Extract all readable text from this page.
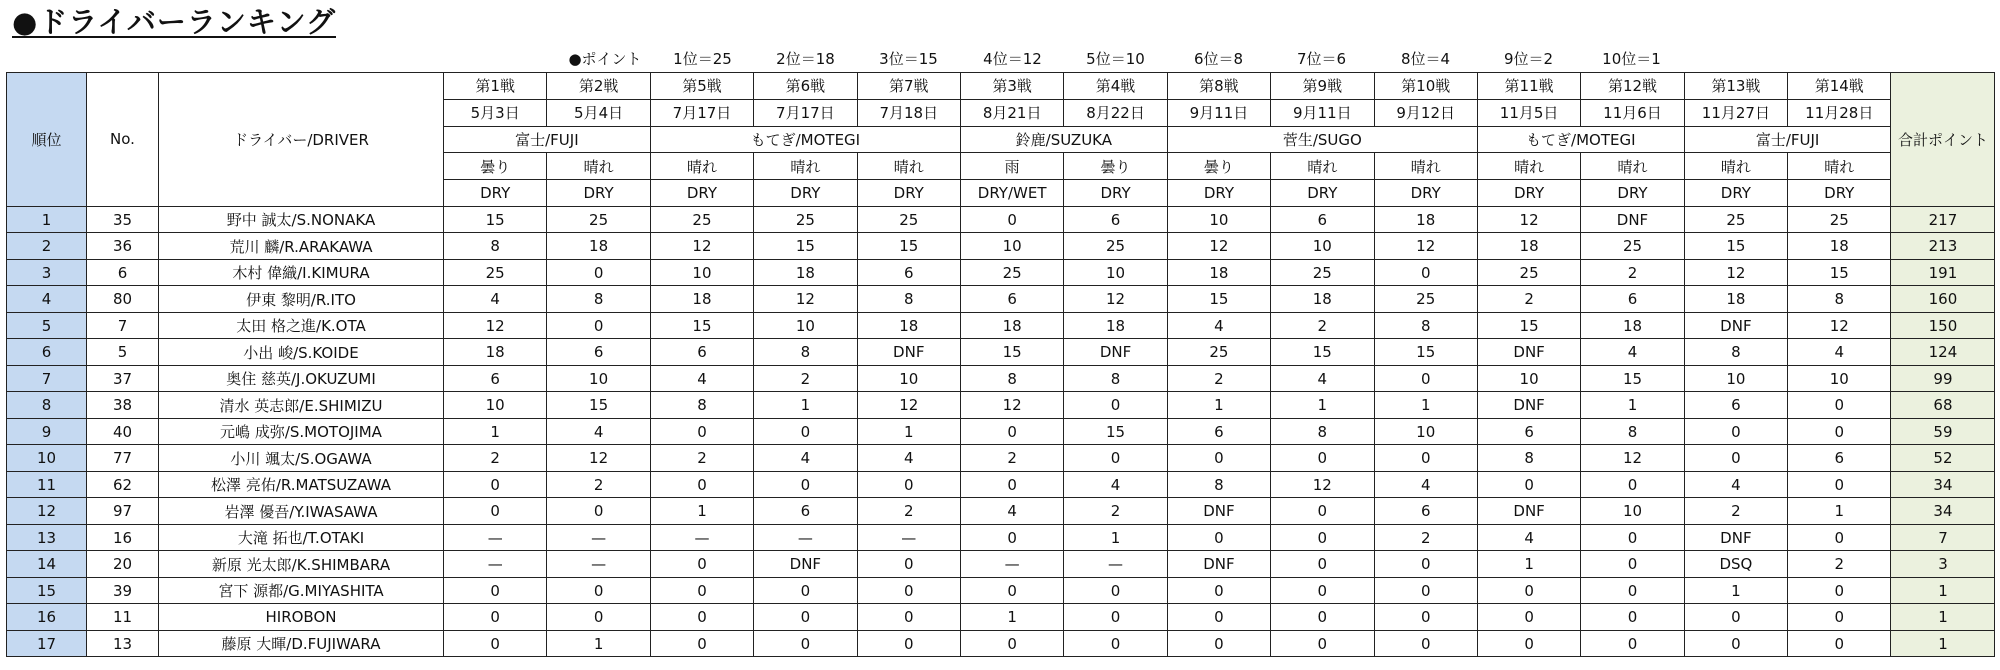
●ドライバーランキング
●ポイント	1位＝25	2位＝18	3位＝15	4位＝12	5位＝10	6位＝8	7位＝6	8位＝4	9位＝2	10位＝1
順位	No.	ドライバー/DRIVER	第1戦	第2戦	第5戦	第6戦	第7戦	第3戦	第4戦	第8戦	第9戦	第10戦	第11戦	第12戦	第13戦	第14戦	合計ポイント
			5月3日	5月4日	7月17日	7月17日	7月18日	8月21日	8月22日	9月11日	9月11日	9月12日	11月5日	11月6日	11月27日	11月28日	
			富士/FUJI		もてぎ/MOTEGI			鈴鹿/SUZUKA		菅生/SUGO			もてぎ/MOTEGI		富士/FUJI		
			曇り	晴れ	晴れ	晴れ	晴れ	雨	曇り	曇り	晴れ	晴れ	晴れ	晴れ	晴れ	晴れ	
			DRY	DRY	DRY	DRY	DRY	DRY/WET	DRY	DRY	DRY	DRY	DRY	DRY	DRY	DRY	
1	35	野中 誠太/S.NONAKA	15	25	25	25	25	0	6	10	6	18	12	DNF	25	25	217
2	36	荒川 麟/R.ARAKAWA	8	18	12	15	15	10	25	12	10	12	18	25	15	18	213
3	6	木村 偉織/I.KIMURA	25	0	10	18	6	25	10	18	25	0	25	2	12	15	191
4	80	伊東 黎明/R.ITO	4	8	18	12	8	6	12	15	18	25	2	6	18	8	160
5	7	太田 格之進/K.OTA	12	0	15	10	18	18	18	4	2	8	15	18	DNF	12	150
6	5	小出 峻/S.KOIDE	18	6	6	8	DNF	15	DNF	25	15	15	DNF	4	8	4	124
7	37	奥住 慈英/J.OKUZUMI	6	10	4	2	10	8	8	2	4	0	10	15	10	10	99
8	38	清水 英志郎/E.SHIMIZU	10	15	8	1	12	12	0	1	1	1	DNF	1	6	0	68
9	40	元嶋 成弥/S.MOTOJIMA	1	4	0	0	1	0	15	6	8	10	6	8	0	0	59
10	77	小川 颯太/S.OGAWA	2	12	2	4	4	2	0	0	0	0	8	12	0	6	52
11	62	松澤 亮佑/R.MATSUZAWA	0	2	0	0	0	0	4	8	12	4	0	0	4	0	34
12	97	岩澤 優吾/Y.IWASAWA	0	0	1	6	2	4	2	DNF	0	6	DNF	10	2	1	34
13	16	大滝 拓也/T.OTAKI	—	—	—	—	—	0	1	0	0	2	4	0	DNF	0	7
14	20	新原 光太郎/K.SHIMBARA	—	—	0	DNF	0	—	—	DNF	0	0	1	0	DSQ	2	3
15	39	宮下 源都/G.MIYASHITA	0	0	0	0	0	0	0	0	0	0	0	0	1	0	1
16	11	HIROBON	0	0	0	0	0	1	0	0	0	0	0	0	0	0	1
17	13	藤原 大暉/D.FUJIWARA	0	1	0	0	0	0	0	0	0	0	0	0	0	0	1
